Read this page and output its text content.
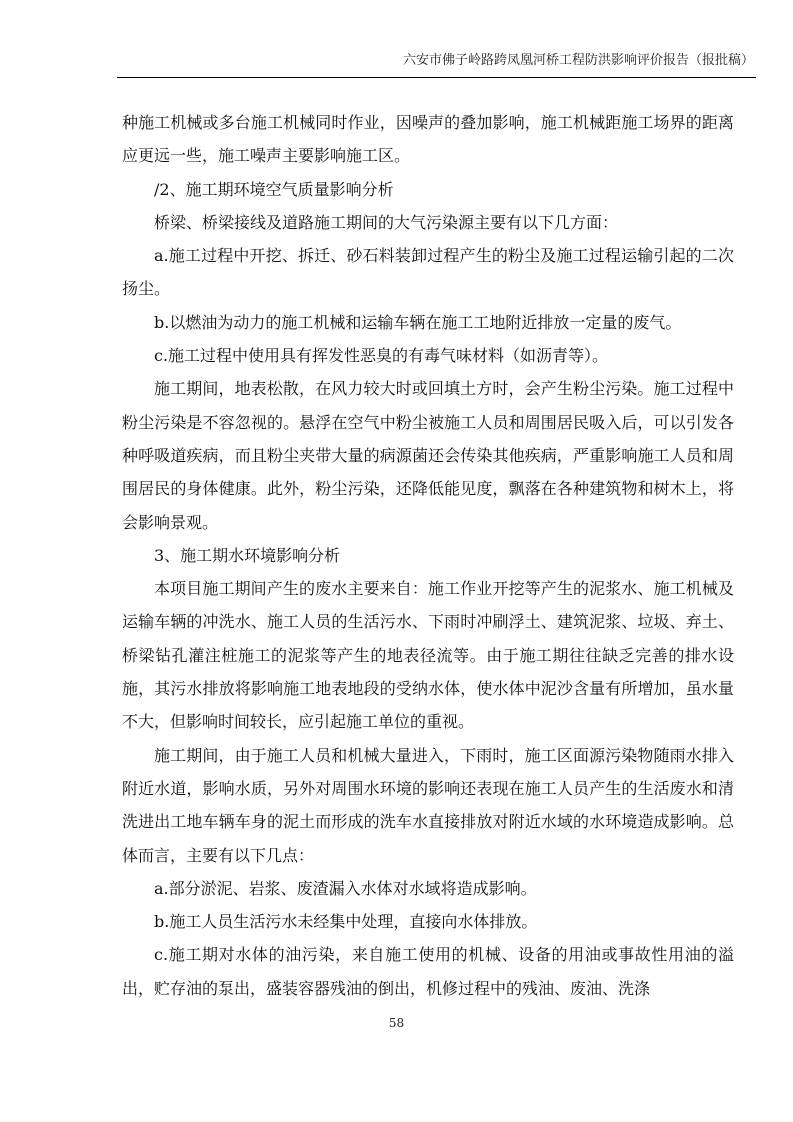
六安市佛子岭路跨凤凰河桥工程防洪影响评价报告（报批稿）

种施工机械或多台施工机械同时作业，因噪声的叠加影响，施工机械距施工场界的距离应更远一些，施工噪声主要影响施工区。

/2、施工期环境空气质量影响分析

桥梁、桥梁接线及道路施工期间的大气污染源主要有以下几方面：

a.施工过程中开挖、拆迁、砂石料装卸过程产生的粉尘及施工过程运输引起的二次扬尘。

b.以燃油为动力的施工机械和运输车辆在施工工地附近排放一定量的废气。

c.施工过程中使用具有挥发性恶臭的有毒气味材料（如沥青等）。

施工期间，地表松散，在风力较大时或回填土方时，会产生粉尘污染。施工过程中粉尘污染是不容忽视的。悬浮在空气中粉尘被施工人员和周围居民吸入后，可以引发各种呼吸道疾病，而且粉尘夹带大量的病源菌还会传染其他疾病，严重影响施工人员和周围居民的身体健康。此外，粉尘污染，还降低能见度，飘落在各种建筑物和树木上，将会影响景观。

3、施工期水环境影响分析

本项目施工期间产生的废水主要来自：施工作业开挖等产生的泥浆水、施工机械及运输车辆的冲洗水、施工人员的生活污水、下雨时冲刷浮土、建筑泥浆、垃圾、弃土、桥梁钻孔灌注桩施工的泥浆等产生的地表径流等。由于施工期往往缺乏完善的排水设施，其污水排放将影响施工地表地段的受纳水体，使水体中泥沙含量有所增加，虽水量不大，但影响时间较长，应引起施工单位的重视。

施工期间，由于施工人员和机械大量进入，下雨时，施工区面源污染物随雨水排入附近水道，影响水质，另外对周围水环境的影响还表现在施工人员产生的生活废水和清洗进出工地车辆车身的泥土而形成的洗车水直接排放对附近水域的水环境造成影响。总体而言，主要有以下几点：

a.部分淤泥、岩浆、废渣漏入水体对水域将造成影响。

b.施工人员生活污水未经集中处理，直接向水体排放。

c.施工期对水体的油污染，来自施工使用的机械、设备的用油或事故性用油的溢出，贮存油的泵出，盛装容器残油的倒出，机修过程中的残油、废油、洗涤

58
